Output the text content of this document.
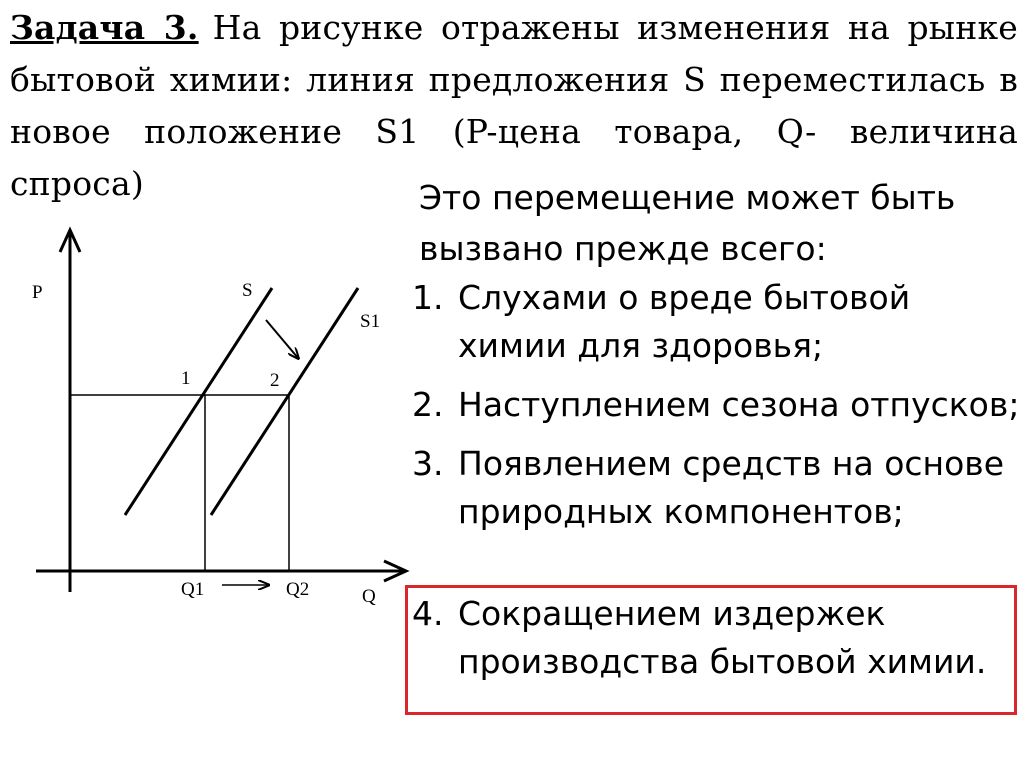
Задача 3. На рисунке отражены изменения на рынке бытовой химии: линия предложения S переместилась в новое положение S1 (P-цена товара, Q- величина спроса)

P
Q
S
S1
1	2
Q1	Q2

Это перемещение может быть вызвано прежде всего:

1. Слухами о вреде бытовой химии для здоровья;
2. Наступлением сезона отпусков;
3. Появлением средств на основе природных компонентов;
4. Сокращением издержек производства бытовой химии.
